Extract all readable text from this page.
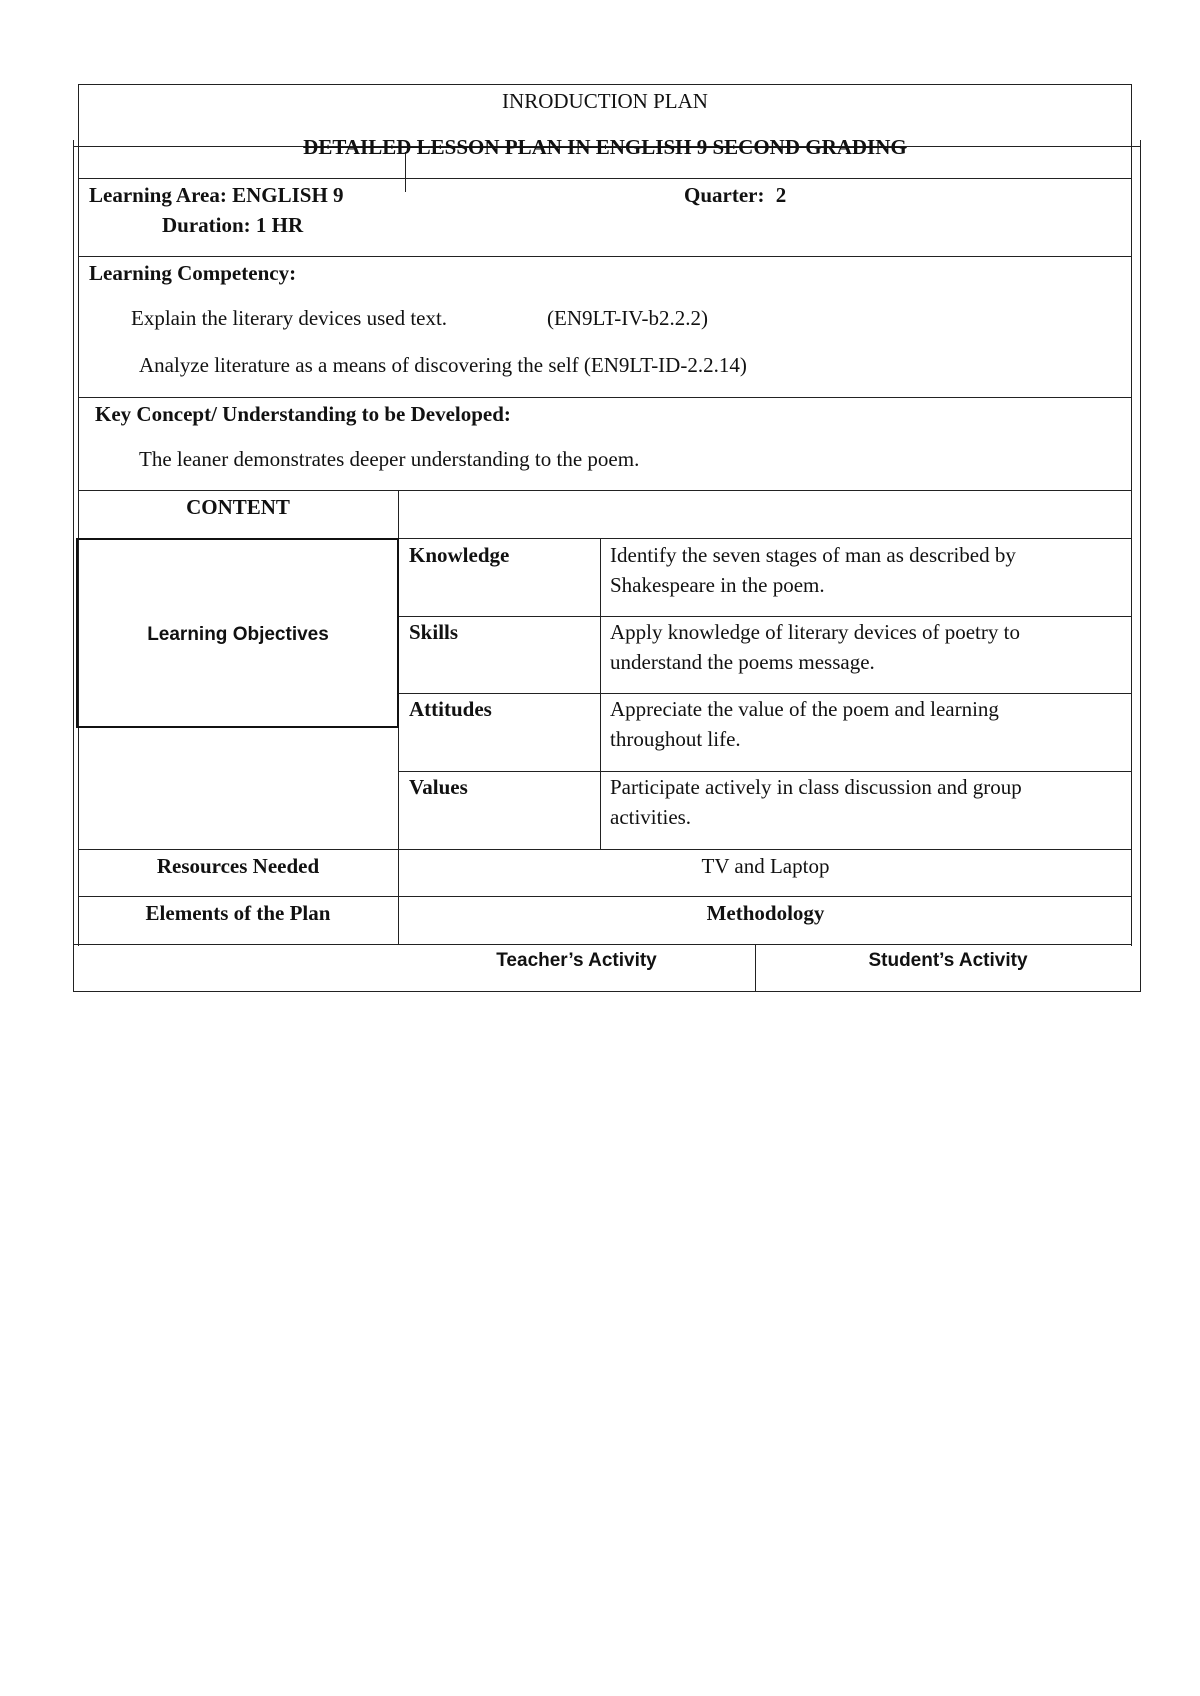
INRODUCTION PLAN
DETAILED LESSON PLAN IN ENGLISH 9 SECOND GRADING
Learning Area: ENGLISH 9	Quarter: 2
Duration: 1 HR
Learning Competency:
Explain the literary devices used text.	(EN9LT-IV-b2.2.2)
Analyze literature as a means of discovering the self (EN9LT-ID-2.2.14)
Key Concept/ Understanding to be Developed:
The leaner demonstrates deeper understanding to the poem.
CONTENT
Learning Objectives
Knowledge	Identify the seven stages of man as described by
Shakespeare in the poem.
Skills	Apply knowledge of literary devices of poetry to
understand the poems message.
Attitudes	Appreciate the value of the poem and learning
throughout life.
Values	Participate actively in class discussion and group
activities.
Resources Needed	TV and Laptop
Elements of the Plan	Methodology
Teacher’s Activity	Student’s Activity
